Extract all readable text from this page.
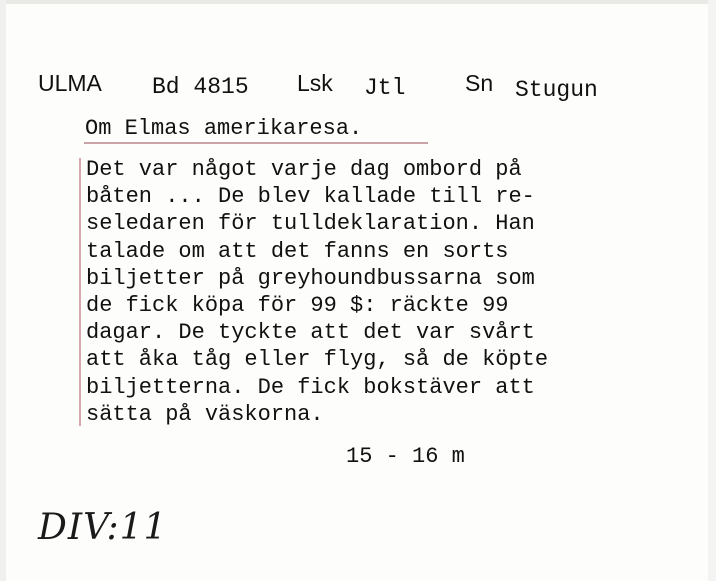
ULMA Bd 4815 Lsk Jtl	Sn Stugun
Om Elmas amerikaresa.
Det var något varje dag ombord på
båten ... De blev kallade till re-
seledaren för tulldeklaration. Han
talade om att det fanns en sorts
biljetter på greyhoundbussarna som
de fick köpa för 99 $: räckte 99
dagar. De tyckte att det var svårt
att åka tåg eller flyg, så de köpte
biljetterna. De fick bokstäver att
sätta på väskorna.
15 - 16 m
DIV:11
